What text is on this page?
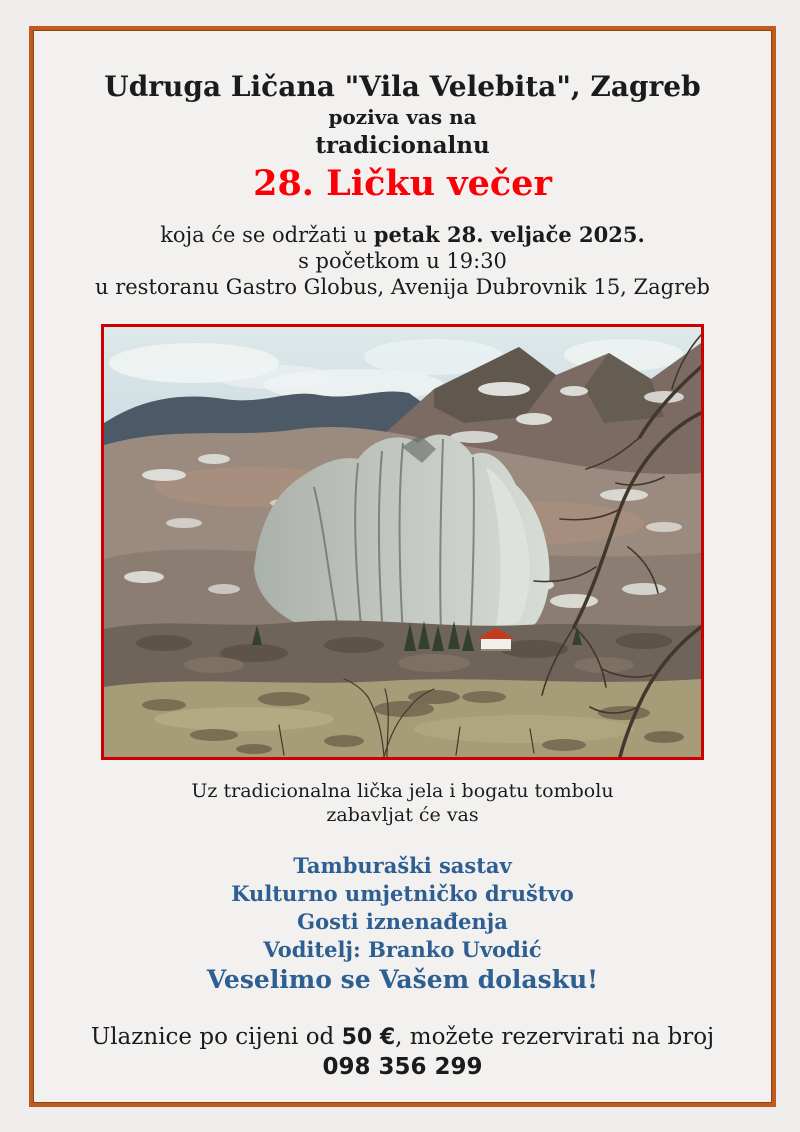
Udruga Ličana "Vila Velebita", Zagreb

poziva vas na

tradicionalnu

28. Ličku večer

koja će se održati u petak 28. veljače 2025.
s početkom u 19:30
u restoranu Gastro Globus, Avenija Dubrovnik 15, Zagreb
Uz tradicionalna lička jela i bogatu tombolu
zabavljat će vas
Tamburaški sastav
Kulturno umjetničko društvo
Gosti iznenađenja
Voditelj: Branko Uvodić
Veselimo se Vašem dolasku!
Ulaznice po cijeni od 50 €, možete rezervirati na broj
098 356 299
